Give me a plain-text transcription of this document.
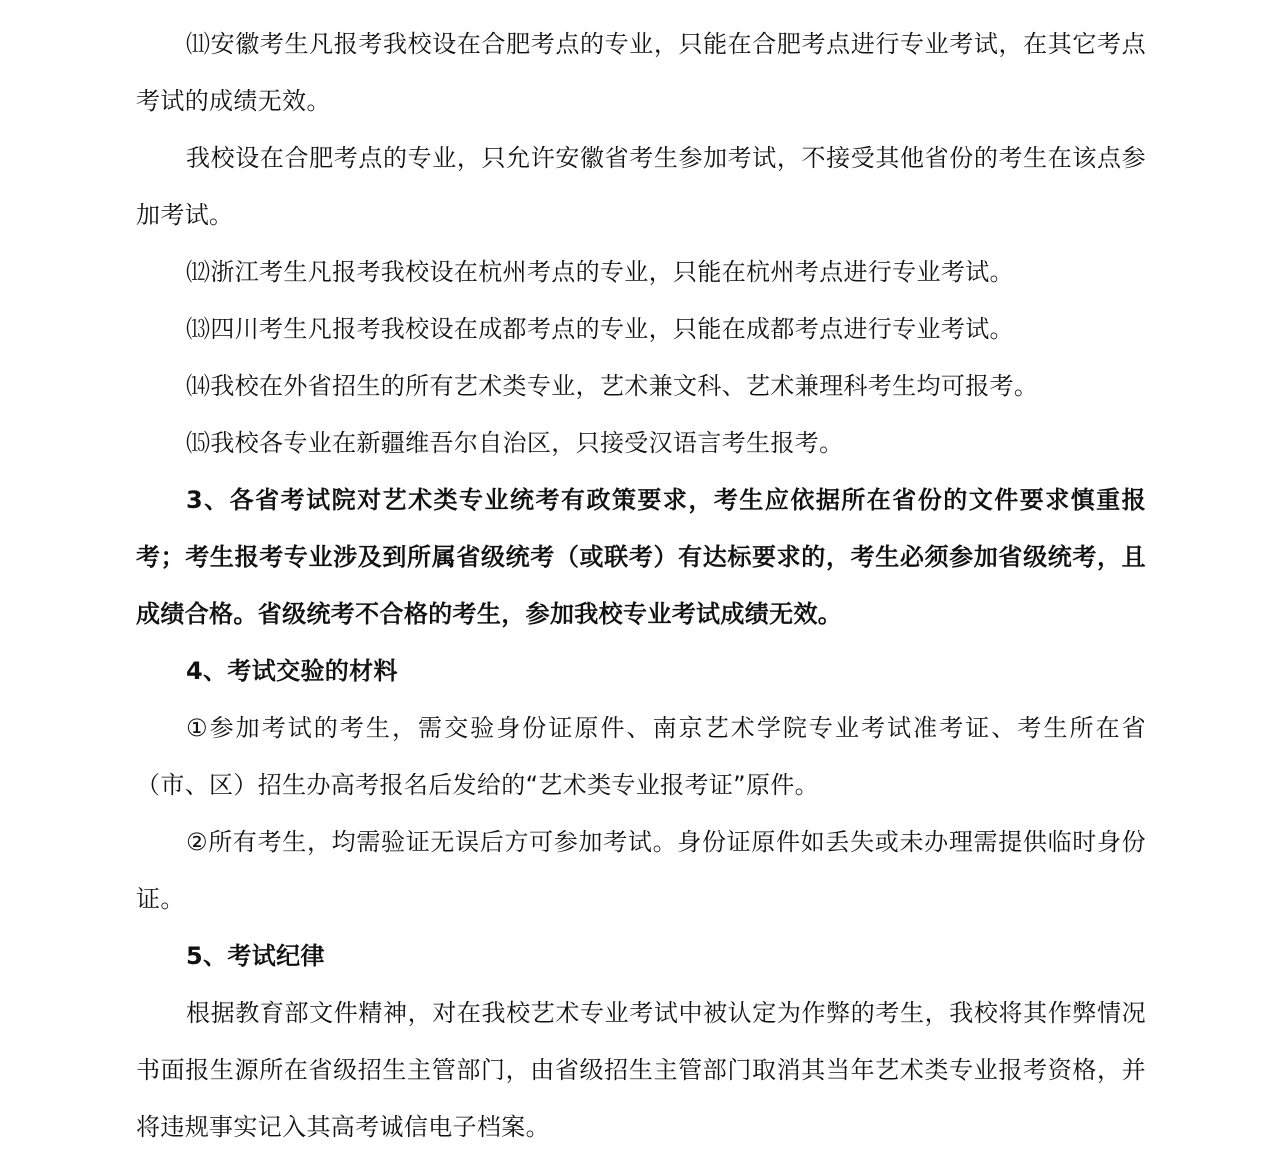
⑾安徽考生凡报考我校设在合肥考点的专业，只能在合肥考点进行专业考试，在其它考点考试的成绩无效。

我校设在合肥考点的专业，只允许安徽省考生参加考试，不接受其他省份的考生在该点参加考试。

⑿浙江考生凡报考我校设在杭州考点的专业，只能在杭州考点进行专业考试。

⒀四川考生凡报考我校设在成都考点的专业，只能在成都考点进行专业考试。

⒁我校在外省招生的所有艺术类专业，艺术兼文科、艺术兼理科考生均可报考。

⒂我校各专业在新疆维吾尔自治区，只接受汉语言考生报考。

3、各省考试院对艺术类专业统考有政策要求，考生应依据所在省份的文件要求慎重报考；考生报考专业涉及到所属省级统考（或联考）有达标要求的，考生必须参加省级统考，且成绩合格。省级统考不合格的考生，参加我校专业考试成绩无效。

4、考试交验的材料

①参加考试的考生，需交验身份证原件、南京艺术学院专业考试准考证、考生所在省（市、区）招生办高考报名后发给的“艺术类专业报考证”原件。

②所有考生，均需验证无误后方可参加考试。身份证原件如丢失或未办理需提供临时身份证。

5、考试纪律

根据教育部文件精神，对在我校艺术专业考试中被认定为作弊的考生，我校将其作弊情况书面报生源所在省级招生主管部门，由省级招生主管部门取消其当年艺术类专业报考资格，并将违规事实记入其高考诚信电子档案。
